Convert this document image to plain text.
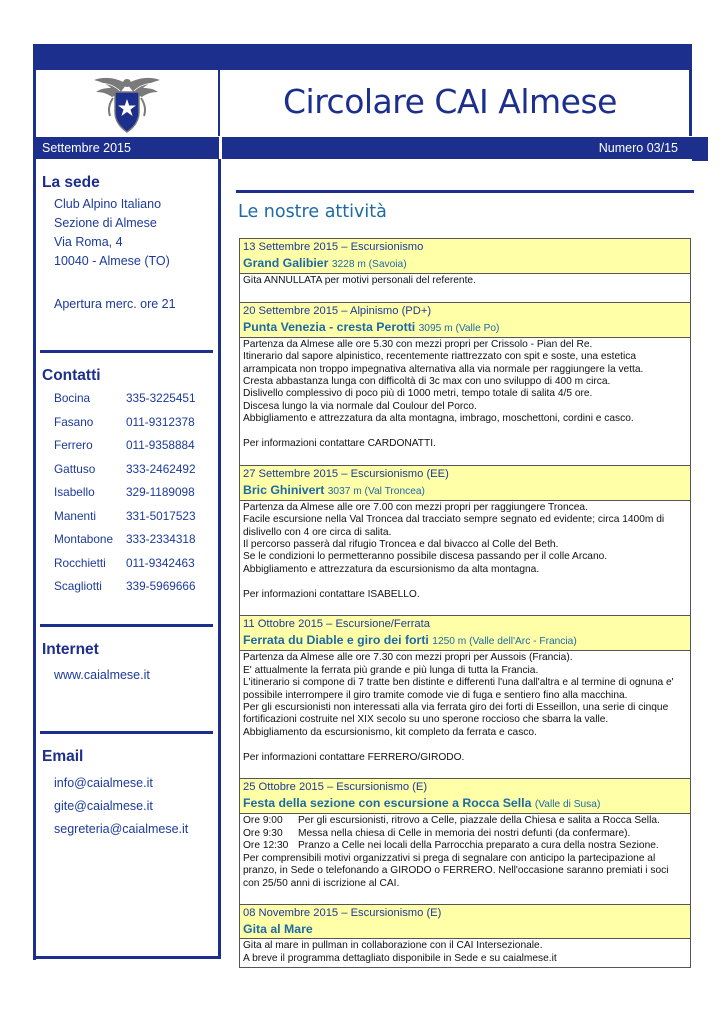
Circolare CAI Almese
Settembre 2015	Numero 03/15
La sede
Club Alpino Italiano
Sezione di Almese
Via Roma, 4
10040 - Almese (TO)
Apertura merc. ore 21
Contatti
Bocina	335-3225451
Fasano	011-9312378
Ferrero	011-9358884
Gattuso	333-2462492
Isabello	329-1189098
Manenti	331-5017523
Montabone	333-2334318
Rocchietti	011-9342463
Scagliotti	339-5969666
Internet
www.caialmese.it
Email
info@caialmese.it
gite@caialmese.it
segreteria@caialmese.it
Le nostre attività
13 Settembre 2015 – Escursionismo
Grand Galibier 3228 m (Savoia)

Gita ANNULLATA per motivi personali del referente.

20 Settembre 2015 – Alpinismo (PD+)
Punta Venezia - cresta Perotti 3095 m (Valle Po)

Partenza da Almese alle ore 5.30 con mezzi propri per Crissolo - Pian del Re.

Itinerario dal sapore alpinistico, recentemente riattrezzato con spit e soste, una estetica arrampicata non troppo impegnativa alternativa alla via normale per raggiungere la vetta.

Cresta abbastanza lunga con difficoltà di 3c max con uno sviluppo di 400 m circa.

Dislivello complessivo di poco più di 1000 metri, tempo totale di salita 4/5 ore.

Discesa lungo la via normale dal Coulour del Porco.

Abbigliamento e attrezzatura da alta montagna, imbrago, moschettoni, cordini e casco.

Per informazioni contattare CARDONATTI.

27 Settembre 2015 – Escursionismo (EE)
Bric Ghinivert 3037 m (Val Troncea)

Partenza da Almese alle ore 7.00 con mezzi propri per raggiungere Troncea.

Facile escursione nella Val Troncea dal tracciato sempre segnato ed evidente; circa 1400m di dislivello con 4 ore circa di salita.

Il percorso passerà dal rifugio Troncea e dal bivacco al Colle del Beth.

Se le condizioni lo permetteranno possibile discesa passando per il colle Arcano.

Abbigliamento e attrezzatura da escursionismo da alta montagna.

Per informazioni contattare ISABELLO.

11 Ottobre 2015 – Escursione/Ferrata
Ferrata du Diable e giro dei forti 1250 m (Valle dell'Arc - Francia)

Partenza da Almese alle ore 7.30 con mezzi propri per Aussois (Francia).

E' attualmente la ferrata più grande e più lunga di tutta la Francia.

L'itinerario si compone di 7 tratte ben distinte e differenti l'una dall'altra e al termine di ognuna e' possibile interrompere il giro tramite comode vie di fuga e sentiero fino alla macchina.

Per gli escursionisti non interessati alla via ferrata giro dei forti di Esseillon, una serie di cinque fortificazioni costruite nel XIX secolo su uno sperone roccioso che sbarra la valle.

Abbigliamento da escursionismo, kit completo da ferrata e casco.

Per informazioni contattare FERRERO/GIRODO.

25 Ottobre 2015 – Escursionismo (E)
Festa della sezione con escursione a Rocca Sella (Valle di Susa)
Ore 9:00	Per gli escursionisti, ritrovo a Celle, piazzale della Chiesa e salita a Rocca Sella.
Ore 9:30	Messa nella chiesa di Celle in memoria dei nostri defunti (da confermare).
Ore 12:30 Pranzo a Celle nei locali della Parrocchia preparato a cura della nostra Sezione.

Per comprensibili motivi organizzativi si prega di segnalare con anticipo la partecipazione al pranzo, in Sede o telefonando a GIRODO o FERRERO. Nell'occasione saranno premiati i soci con 25/50 anni di iscrizione al CAI.

08 Novembre 2015 – Escursionismo (E)
Gita al Mare

Gita al mare in pullman in collaborazione con il CAI Intersezionale.

A breve il programma dettagliato disponibile in Sede e su caialmese.it
